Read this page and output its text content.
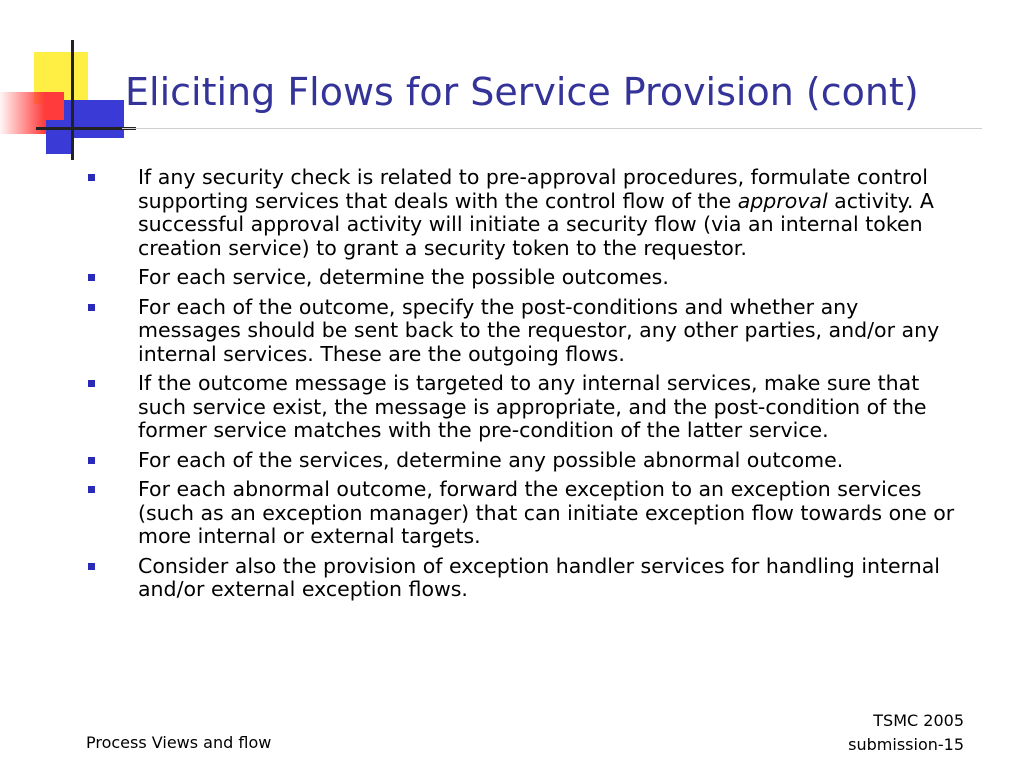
Eliciting Flows for Service Provision (cont)
If any security check is related to pre-approval procedures, formulate control supporting services that deals with the control flow of the approval activity. A successful approval activity will initiate a security flow (via an internal token creation service) to grant a security token to the requestor.
For each service, determine the possible outcomes.
For each of the outcome, specify the post-conditions and whether any messages should be sent back to the requestor, any other parties, and/or any internal services. These are the outgoing flows.
If the outcome message is targeted to any internal services, make sure that such service exist, the message is appropriate, and the post-condition of the former service matches with the pre-condition of the latter service.
For each of the services, determine any possible abnormal outcome.
For each abnormal outcome, forward the exception to an exception services (such as an exception manager) that can initiate exception flow towards one or more internal or external targets.
Consider also the provision of exception handler services for handling internal and/or external exception flows.
Process Views and flow
TSMC 2005
submission-15
